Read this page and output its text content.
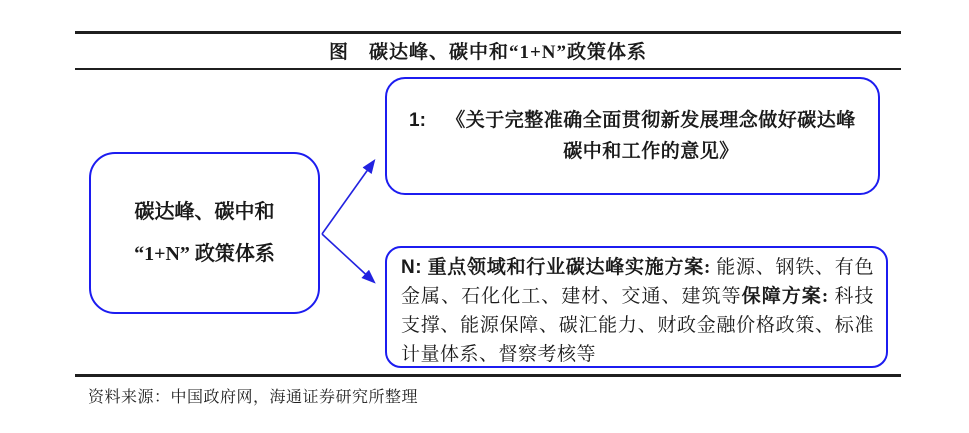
图　碳达峰、碳中和“1+N”政策体系
碳达峰、碳中和
“1+N” 政策体系
1:	《关于完整准确全面贯彻新发展理念做好碳达峰碳中和工作的意见》

N: 重点领域和行业碳达峰实施方案: 能源、钢铁、有色金属、石化化工、建材、交通、建筑等保障方案: 科技支撑、能源保障、碳汇能力、财政金融价格政策、标准计量体系、督察考核等

资料来源：中国政府网，海通证券研究所整理
